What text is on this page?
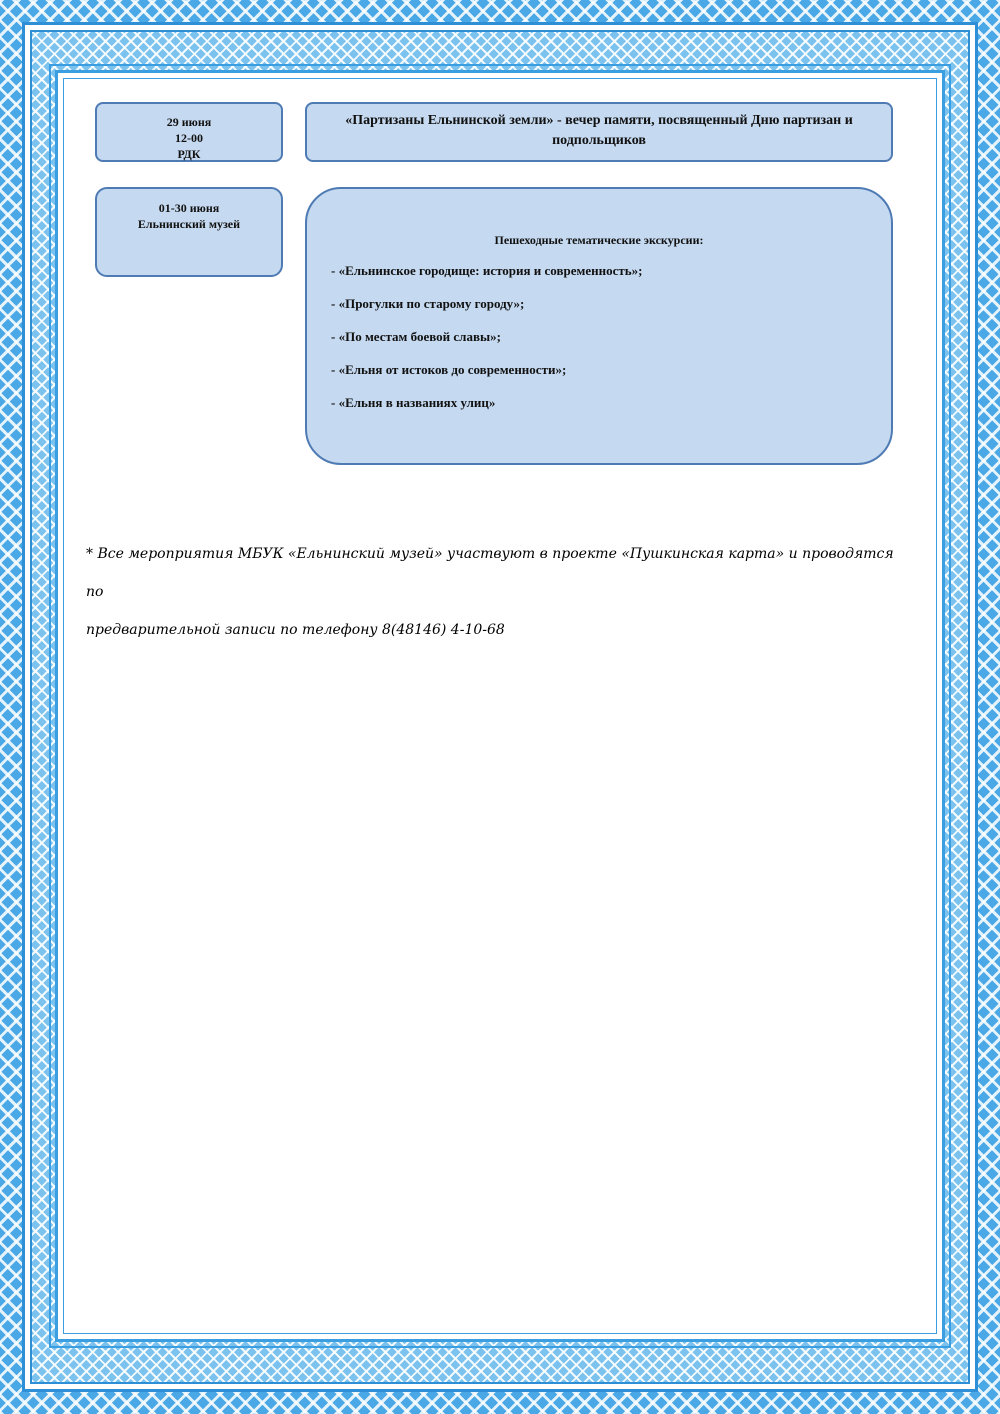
29 июня
12-00
РДК
«Партизаны Ельнинской земли» - вечер памяти, посвященный Дню партизан и
подпольщиков
01-30 июня
Ельнинский музей
Пешеходные тематические экскурсии:
- «Ельнинское городище: история и современность»;
- «Прогулки по старому городу»;
- «По местам боевой славы»;
- «Ельня от истоков до современности»;
- «Ельня в названиях улиц»
* Все мероприятия МБУК «Ельнинский музей» участвуют в проекте «Пушкинская карта» и проводятся по
предварительной записи по телефону 8(48146) 4-10-68
